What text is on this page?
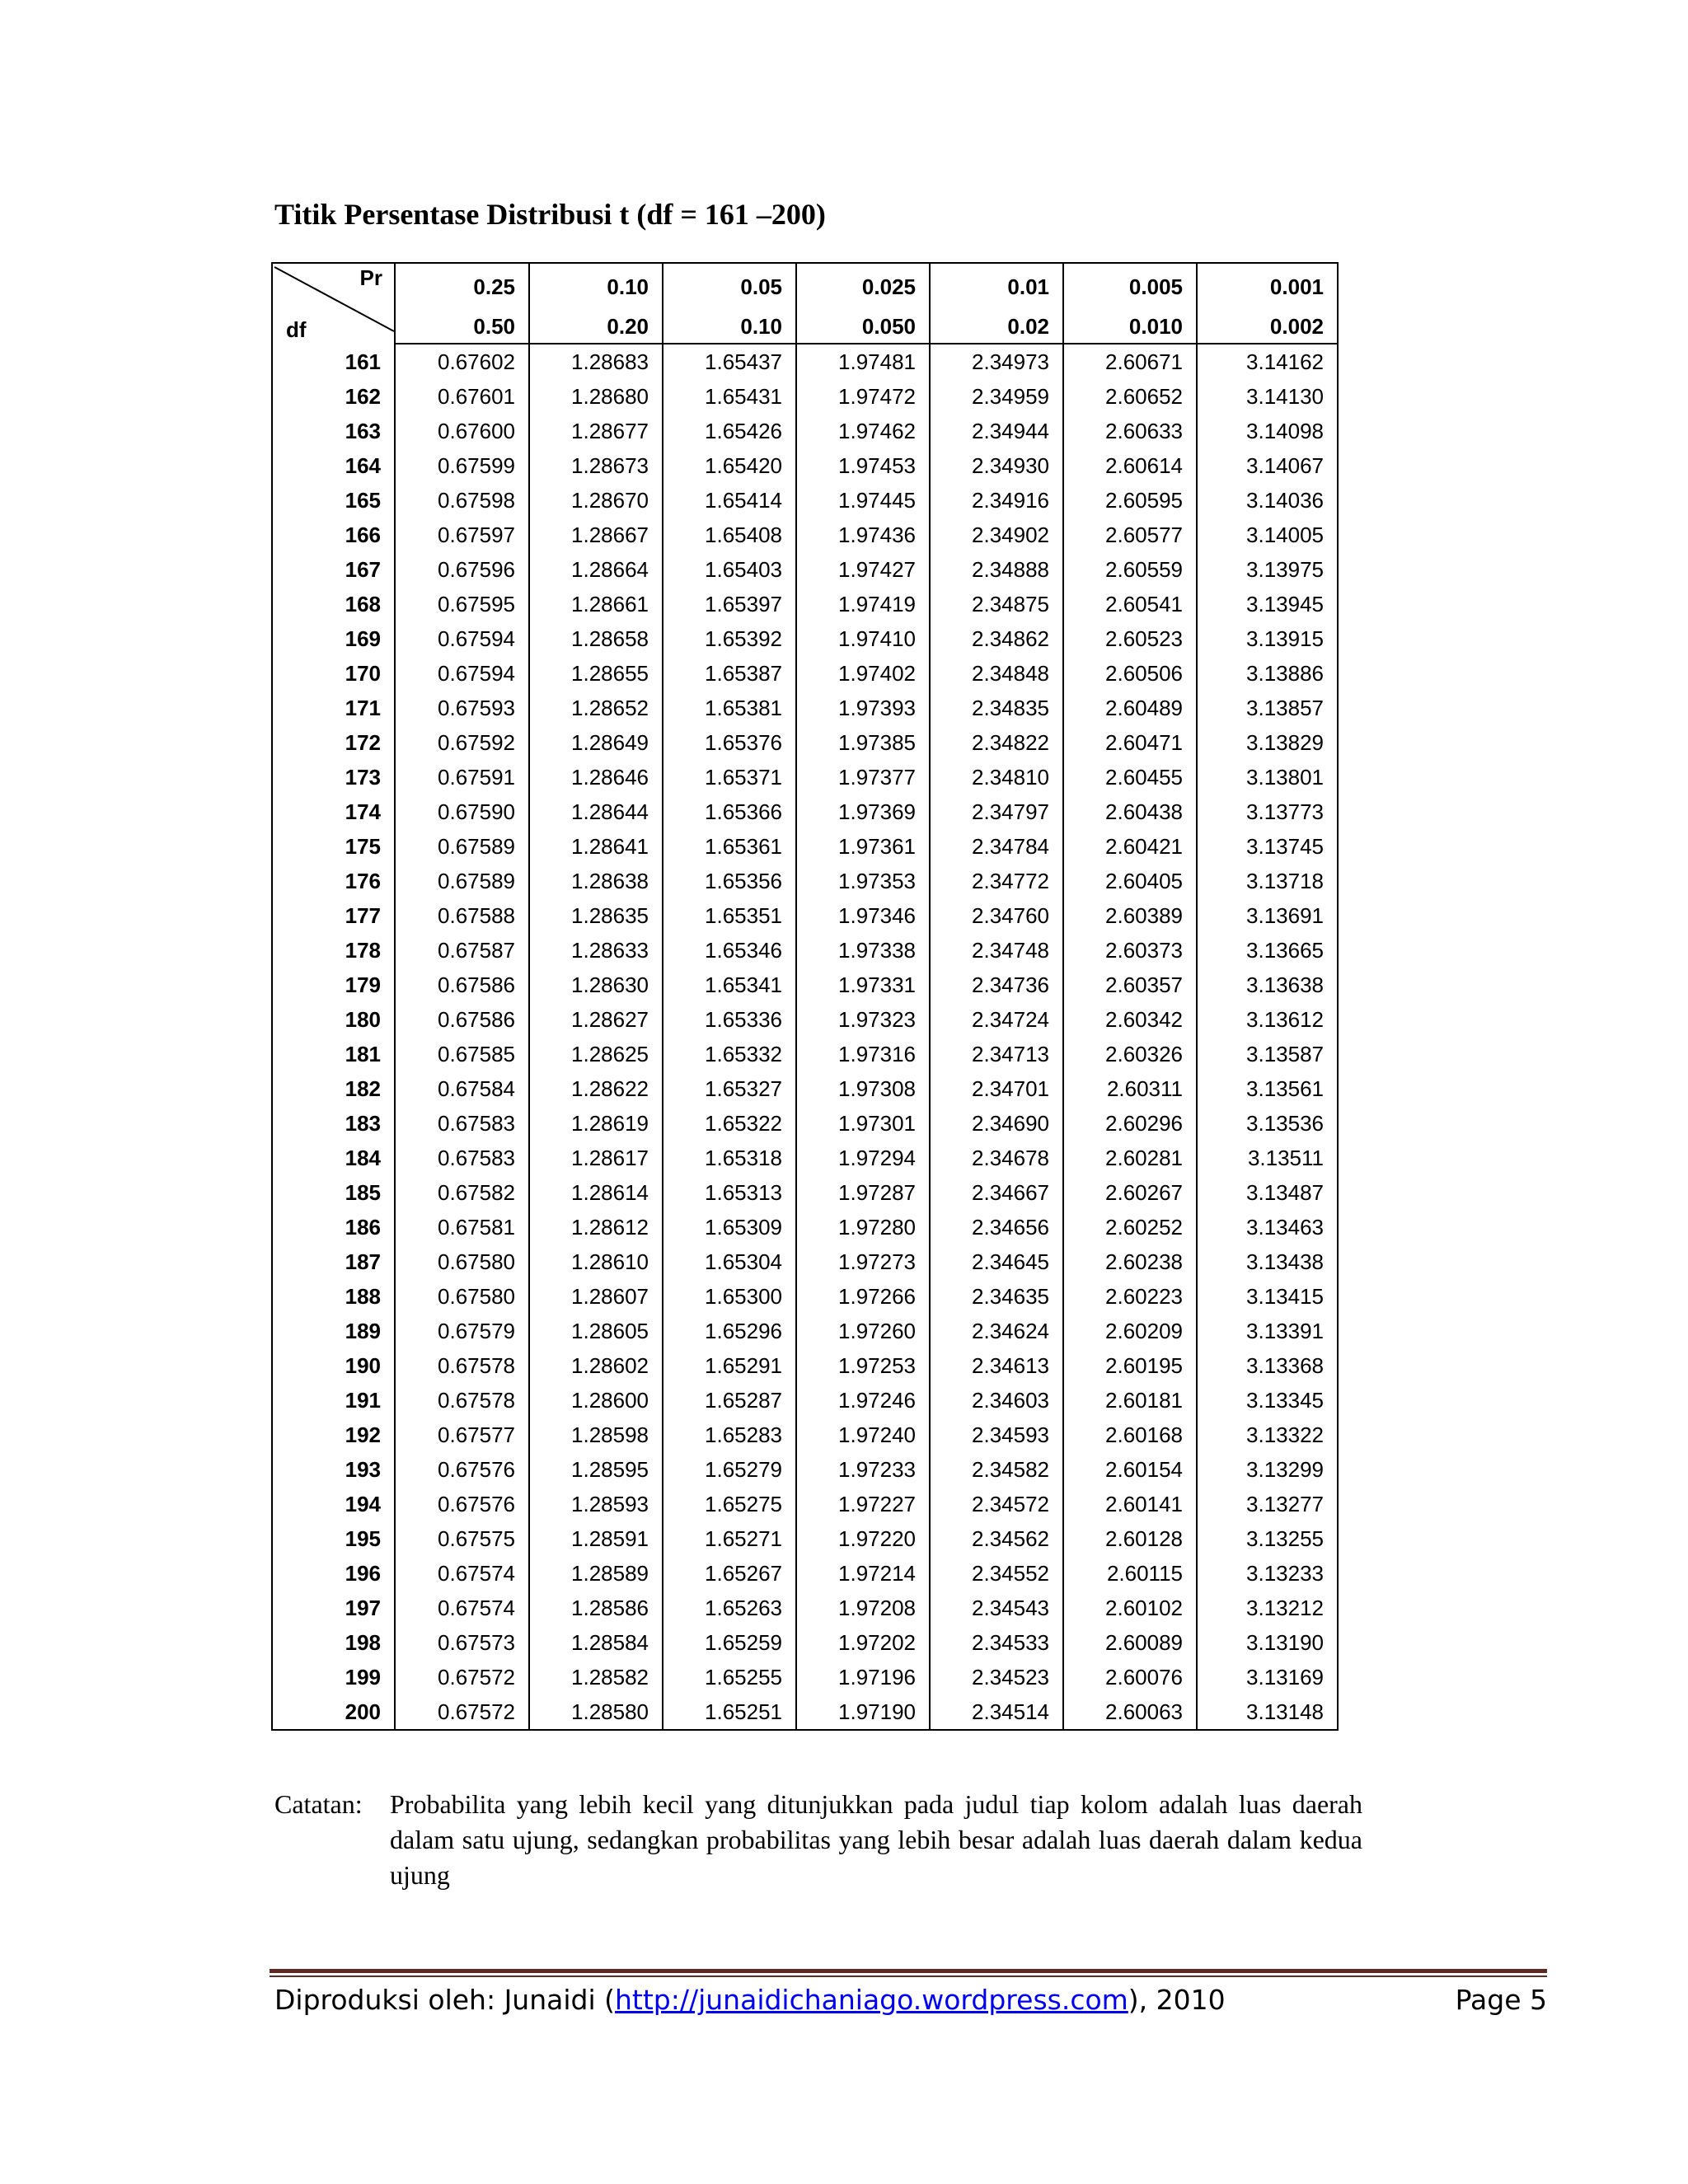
Titik Persentase Distribusi t (df = 161 –200)
Pr
df	0.25	0.10	0.05	0.025	0.01	0.005	0.001
	0.50	0.20	0.10	0.050	0.02	0.010	0.002
161	0.67602	1.28683	1.65437	1.97481	2.34973	2.60671	3.14162
162	0.67601	1.28680	1.65431	1.97472	2.34959	2.60652	3.14130
163	0.67600	1.28677	1.65426	1.97462	2.34944	2.60633	3.14098
164	0.67599	1.28673	1.65420	1.97453	2.34930	2.60614	3.14067
165	0.67598	1.28670	1.65414	1.97445	2.34916	2.60595	3.14036
166	0.67597	1.28667	1.65408	1.97436	2.34902	2.60577	3.14005
167	0.67596	1.28664	1.65403	1.97427	2.34888	2.60559	3.13975
168	0.67595	1.28661	1.65397	1.97419	2.34875	2.60541	3.13945
169	0.67594	1.28658	1.65392	1.97410	2.34862	2.60523	3.13915
170	0.67594	1.28655	1.65387	1.97402	2.34848	2.60506	3.13886
171	0.67593	1.28652	1.65381	1.97393	2.34835	2.60489	3.13857
172	0.67592	1.28649	1.65376	1.97385	2.34822	2.60471	3.13829
173	0.67591	1.28646	1.65371	1.97377	2.34810	2.60455	3.13801
174	0.67590	1.28644	1.65366	1.97369	2.34797	2.60438	3.13773
175	0.67589	1.28641	1.65361	1.97361	2.34784	2.60421	3.13745
176	0.67589	1.28638	1.65356	1.97353	2.34772	2.60405	3.13718
177	0.67588	1.28635	1.65351	1.97346	2.34760	2.60389	3.13691
178	0.67587	1.28633	1.65346	1.97338	2.34748	2.60373	3.13665
179	0.67586	1.28630	1.65341	1.97331	2.34736	2.60357	3.13638
180	0.67586	1.28627	1.65336	1.97323	2.34724	2.60342	3.13612
181	0.67585	1.28625	1.65332	1.97316	2.34713	2.60326	3.13587
182	0.67584	1.28622	1.65327	1.97308	2.34701	2.60311	3.13561
183	0.67583	1.28619	1.65322	1.97301	2.34690	2.60296	3.13536
184	0.67583	1.28617	1.65318	1.97294	2.34678	2.60281	3.13511
185	0.67582	1.28614	1.65313	1.97287	2.34667	2.60267	3.13487
186	0.67581	1.28612	1.65309	1.97280	2.34656	2.60252	3.13463
187	0.67580	1.28610	1.65304	1.97273	2.34645	2.60238	3.13438
188	0.67580	1.28607	1.65300	1.97266	2.34635	2.60223	3.13415
189	0.67579	1.28605	1.65296	1.97260	2.34624	2.60209	3.13391
190	0.67578	1.28602	1.65291	1.97253	2.34613	2.60195	3.13368
191	0.67578	1.28600	1.65287	1.97246	2.34603	2.60181	3.13345
192	0.67577	1.28598	1.65283	1.97240	2.34593	2.60168	3.13322
193	0.67576	1.28595	1.65279	1.97233	2.34582	2.60154	3.13299
194	0.67576	1.28593	1.65275	1.97227	2.34572	2.60141	3.13277
195	0.67575	1.28591	1.65271	1.97220	2.34562	2.60128	3.13255
196	0.67574	1.28589	1.65267	1.97214	2.34552	2.60115	3.13233
197	0.67574	1.28586	1.65263	1.97208	2.34543	2.60102	3.13212
198	0.67573	1.28584	1.65259	1.97202	2.34533	2.60089	3.13190
199	0.67572	1.28582	1.65255	1.97196	2.34523	2.60076	3.13169
200	0.67572	1.28580	1.65251	1.97190	2.34514	2.60063	3.13148
Catatan: Probabilita yang lebih kecil yang ditunjukkan pada judul tiap kolom adalah luas daerah dalam satu ujung, sedangkan probabilitas yang lebih besar adalah luas daerah dalam kedua ujung
Diproduksi oleh: Junaidi (http://junaidichaniago.wordpress.com), 2010	Page 5
